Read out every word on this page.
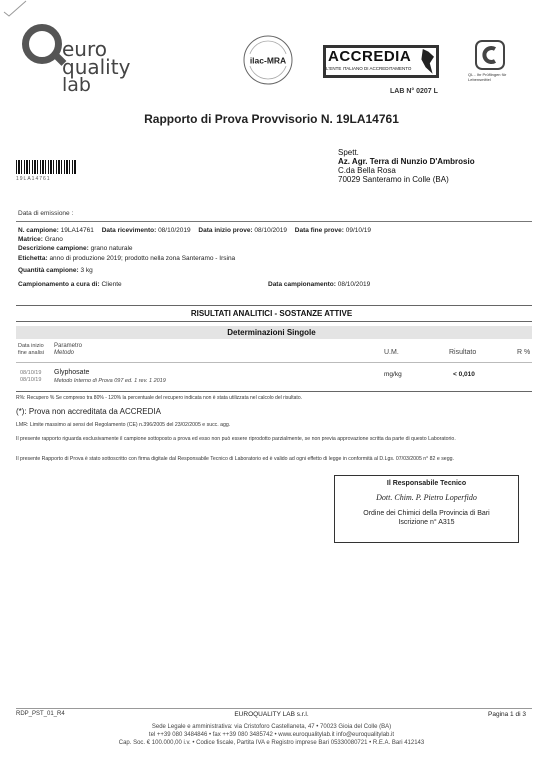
euro
quality
lab
ilac-MRA	ACCREDIA
L'ENTE ITALIANO DI ACCREDITAMENTO
LAB N° 0207 L
QL - Ihr Prüflingen für Lebensmittel
Rapporto di Prova Provvisorio N. 19LA14761
19LA14761
Spett.
Az. Agr. Terra di Nunzio D'Ambrosio
C.da Bella Rosa
70029 Santeramo in Colle (BA)
Data di emissione :
N. campione: 19LA14761 Data ricevimento: 08/10/2019 Data inizio prove: 08/10/2019 Data fine prove: 09/10/19
Matrice: Grano
Descrizione campione: grano naturale
Etichetta: anno di produzione 2019; prodotto nella zona Santeramo - Irsina
Quantità campione: 3 kg
Campionamento a cura di: Cliente	Data campionamento: 08/10/2019
RISULTATI ANALITICI - SOSTANZE ATTIVE
Determinazioni Singole
Data inizio
fine analisi
Parametro
Metodo	U.M.	Risultato	R %
08/10/19
08/10/19
Glyphosate
Metodo Interno di Prova 097 ed. 1 rev. 1 2019
mg/kg	< 0,010
R%: Recupero % Se compreso tra 80% - 120% la percentuale del recupero indicata non è stata utilizzata nel calcolo del risultato.
(*): Prova non accreditata da ACCREDIA
LMR: Limite massimo ai sensi del Regolamento (CE) n.396/2005 del 23/02/2005 e succ. agg.
Il presente rapporto riguarda esclusivamente il campione sottoposto a prova ed esso non può essere riprodotto parzialmente, se non previa approvazione scritta da parte di questo Laboratorio.
Il presente Rapporto di Prova è stato sottoscritto con firma digitale dal Responsabile Tecnico di Laboratorio ed è valido ad ogni effetto di legge in conformità al D.Lgs. 07/03/2005 n° 82 e segg.
Il Responsabile Tecnico
Dott. Chim. P. Pietro Loperfido
Ordine dei Chimici della Provincia di Bari
Iscrizione n° A315
RDP_PST_01_R4	EUROQUALITY LAB s.r.l.	Pagina 1 di 3
Sede Legale e amministrativa: via Cristoforo Castellaneta, 47 • 70023 Gioia del Colle (BA)
tel ++39 080 3484846 • fax ++39 080 3485742 • www.euroqualitylab.it info@euroqualitylab.it
Cap. Soc. € 100.000,00 i.v. • Codice fiscale, Partita IVA e Registro imprese Bari 05330080721 • R.E.A. Bari 412143
